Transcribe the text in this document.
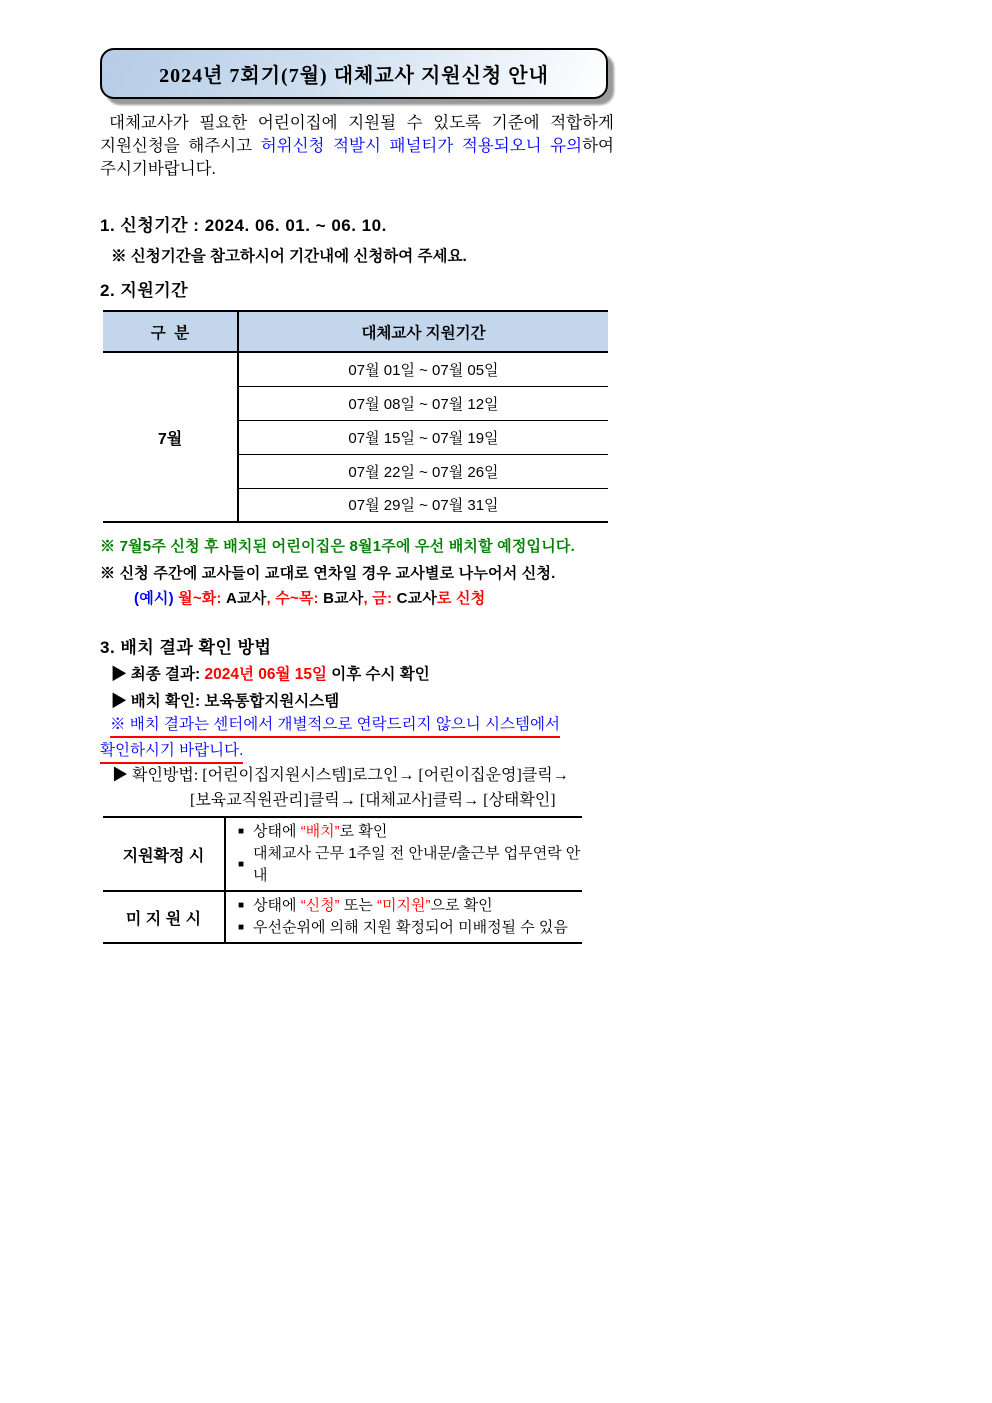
2024년 7회기(7월) 대체교사 지원신청 안내

대체교사가 필요한 어린이집에 지원될 수 있도록 기준에 적합하게 지원신청을 해주시고 허위신청 적발시 패널티가 적용되오니 유의하여주시기바랍니다.

1. 신청기간 : 2024. 06. 01. ~ 06. 10.
※ 신청기간을 참고하시어 기간내에 신청하여 주세요.
2. 지원기간
구  분	대체교사 지원기간
7월	07월 01일 ~ 07월 05일
	07월 08일 ~ 07월 12일
	07월 15일 ~ 07월 19일
	07월 22일 ~ 07월 26일
	07월 29일 ~ 07월 31일
※ 7월5주 신청 후 배치된 어린이집은 8월1주에 우선 배치할 예정입니다.
※ 신청 주간에 교사들이 교대로 연차일 경우 교사별로 나누어서 신청.
(예시) 월~화: A교사, 수~목: B교사, 금: C교사로 신청
3. 배치 결과 확인 방법
▶ 최종 결과: 2024년 06월 15일 이후 수시 확인
▶ 배치 확인: 보육통합지원시스템
※ 배치 결과는 센터에서 개별적으로 연락드리지 않으니 시스템에서
확인하시기 바랍니다.
▶ 확인방법: [어린이집지원시스템]로그인→ [어린이집운영]클릭→
[보육교직원관리]클릭→ [대체교사]클릭→ [상태확인]
지원확정 시	■ 상태에 “배치”로 확인
■
대체교사 근무 1주일 전 안내문/출근부 업무연락 안내

미 지 원 시	■ 상태에 “신청” 또는 “미지원”으로 확인
■ 우선순위에 의해 지원 확정되어 미배정될 수 있음
